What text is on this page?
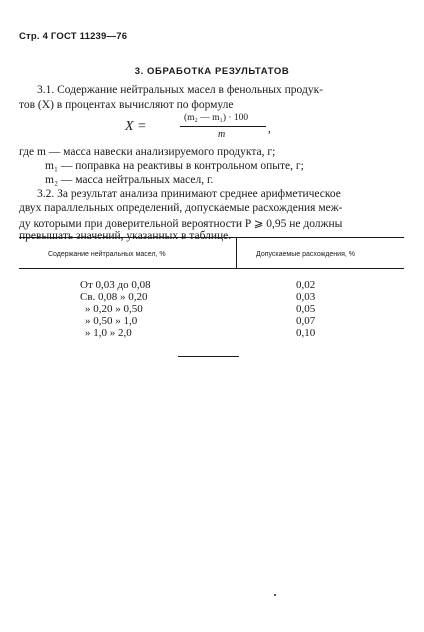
Стр. 4 ГОСТ 11239—76
3. ОБРАБОТКА РЕЗУЛЬТАТОВ
3.1. Содержание нейтральных масел в фенольных продук-
тов (X) в процентах вычисляют по формуле
X =
(m₂ — m₁) · 100
m	,
где m — масса навески анализируемого продукта, г;
m₁ — поправка на реактивы в контрольном опыте, г;
m₂ — масса нейтральных масел, г.
3.2. За результат анализа принимают среднее арифметическое
двух параллельных определений, допускаемые расхождения меж-
ду которыми при доверительной вероятности P ⩾ 0,95 не должны
превышать значений, указанных в таблице.
Содержание нейтральных масел, %	Допускаемые расхождения, %
От 0,03 до 0,08	0,02
Св. 0,08 » 0,20	0,03
» 0,20 » 0,50	0,05
» 0,50 » 1,0	0,07
» 1,0 » 2,0	0,10
